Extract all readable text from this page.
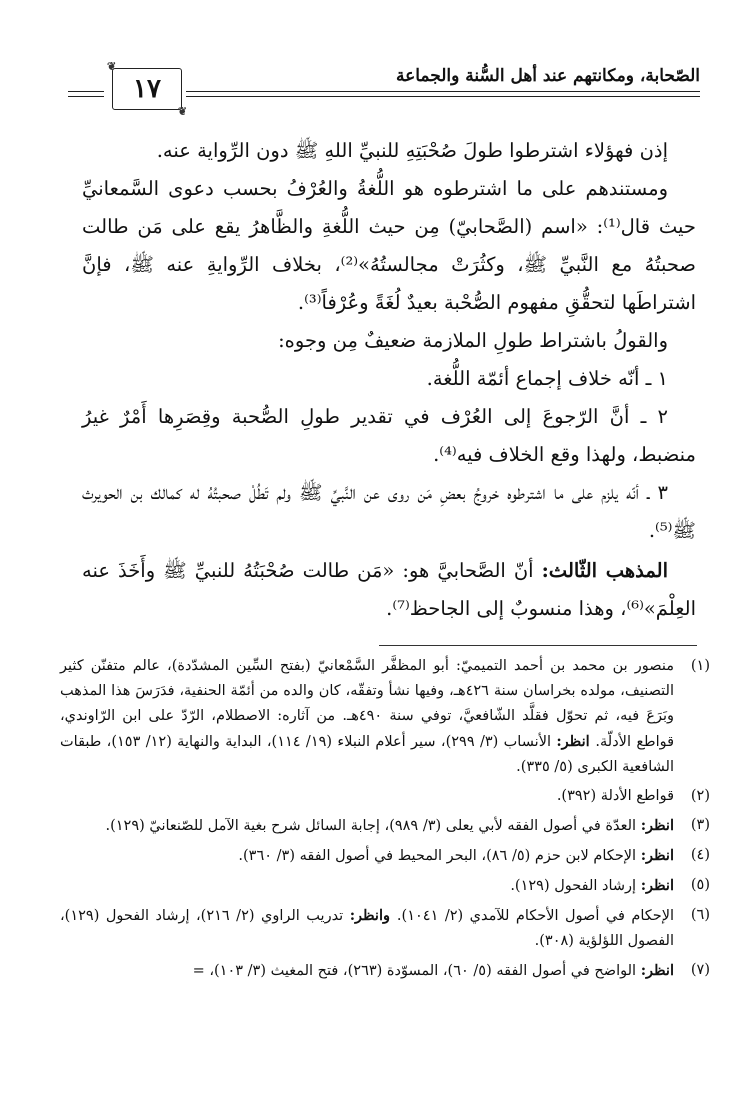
الصّحابة، ومكانتهم عند أهل السُّنة والجماعة
❦
١٧
❦

إذن فهؤلاء اشترطوا طولَ صُحْبَتِهِ للنبيِّ اللهِ ﷺ دون الرِّواية عنه.

ومستندهم على ما اشترطوه هو اللُّغةُ والعُرْفُ بحسب دعوى السَّمعانيِّ حيث قال⁽¹⁾: «اسم (الصَّحابيّ) مِن حيث اللُّغةِ والظَّاهرُ يقع على مَن طالت صحبتُهُ مع النَّبيِّ ﷺ، وكثُرَتْ مجالستُهُ»⁽²⁾، بخلاف الرِّوايةِ عنه ﷺ، فإنَّ اشتراطَها لتحقُّقِ مفهوم الصُّحْبة بعيدٌ لُغَةً وعُرْفاً⁽³⁾.

والقولُ باشتراط طولِ الملازمة ضعيفٌ مِن وجوه:

١ ـ أنّه خلاف إجماع أئمّة اللُّغة.

٢ ـ أنَّ الرّجوعَ إلى العُرْف في تقدير طولِ الصُّحبة وقِصَرِها أَمْرٌ غيرُ منضبط، ولهذا وقع الخلاف فيه⁽⁴⁾.

٣ ـ أنّه يلزم على ما اشترطوه خروجُ بعضِ مَن روى عن النَّبيِّ ﷺ ولم تَطُلْ صحبتُهُ له كمالك بن الحويرث ﷺ⁽⁵⁾.

المذهب الثّالث: أنّ الصَّحابيَّ هو: «مَن طالت صُحْبَتُهُ للنبيِّ ﷺ وأَخَذَ عنه العِلْمَ»⁽⁶⁾، وهذا منسوبٌ إلى الجاحظ⁽⁷⁾.

(١)
منصور بن محمد بن أحمد التميميّ: أبو المظفَّر السَّمْعانيّ (بفتح السِّين المشدّدة)، عالم متفنّن كثير التصنيف، مولده بخراسان سنة ٤٢٦هـ، وفيها نشأ وتفقّه، كان والده من أئمّة الحنفية، فدَرَسَ هذا المذهب وبَرَعَ فيه، ثم تحوّل فقلَّد الشّافعيَّ، توفي سنة ٤٩٠هـ. من آثاره: الاصطلام، الرّدّ على ابن الرّاوندي، قواطع الأدلّة. انظر: الأنساب (٣/ ٢٩٩)، سير أعلام النبلاء (١٩/ ١١٤)، البداية والنهاية (١٢/ ١٥٣)، طبقات الشافعية الكبرى (٥/ ٣٣٥).
(٢)
قواطع الأدلة (٣٩٢).
(٣)
انظر: العدّة في أصول الفقه لأبي يعلى (٣/ ٩٨٩)، إجابة السائل شرح بغية الآمل للصّنعانيّ (١٢٩).
(٤)
انظر: الإحكام لابن حزم (٥/ ٨٦)، البحر المحيط في أصول الفقه (٣/ ٣٦٠).
(٥)
انظر: إرشاد الفحول (١٢٩).
(٦)
الإحكام في أصول الأحكام للآمدي (٢/ ١٠٤١). وانظر: تدريب الراوي (٢/ ٢١٦)، إرشاد الفحول (١٢٩)، الفصول اللؤلؤية (٣٠٨).
(٧)
انظر: الواضح في أصول الفقه (٥/ ٦٠)، المسوّدة (٢٦٣)، فتح المغيث (٣/ ١٠٣)، =
